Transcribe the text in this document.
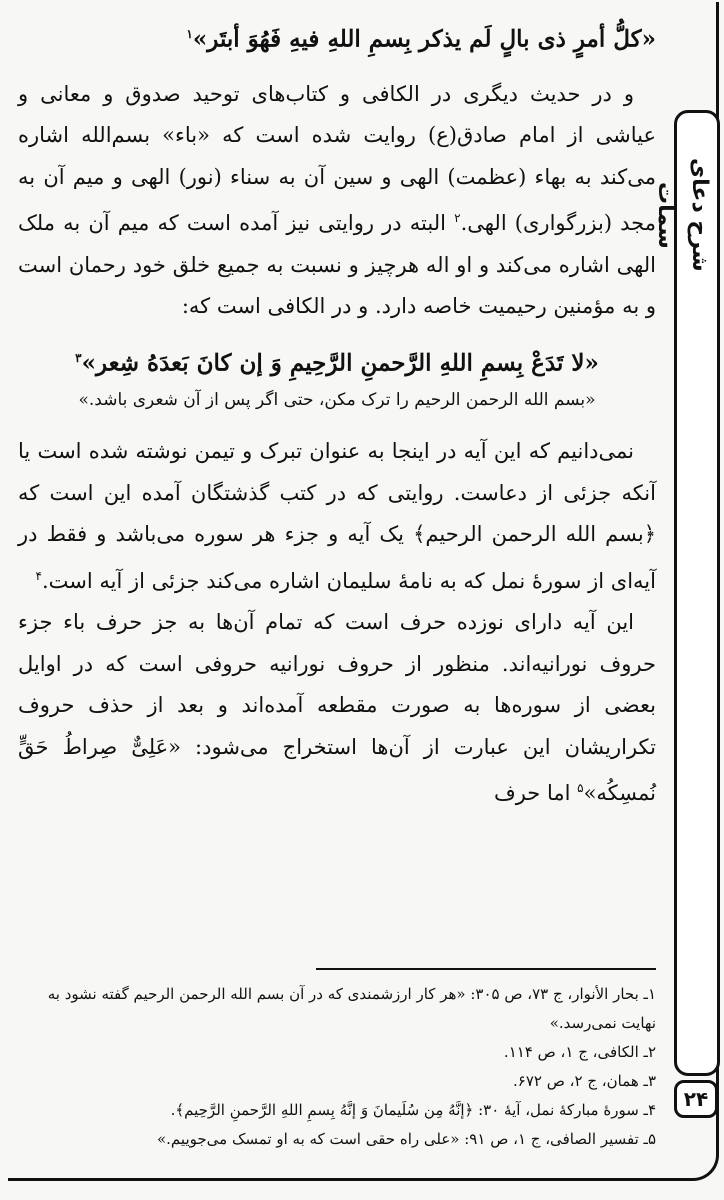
شرح دعای سمات
۲۴

«کلُّ أمرٍ ذی بالٍ لَم یذکر بِسمِ اللهِ فیهِ فَهُوَ أبتَر»$^۱$

و در حدیث دیگری در الکافی و کتاب‌های توحید صدوق و معانی و عیاشی از امام صادق(ع) روایت شده است که «باء» بسم‌الله اشاره می‌کند به بهاء (عظمت) الهی و سین آن به سناء (نور) الهی و میم آن به مجد (بزرگواری) الهی.$^۲$ البته در روایتی نیز آمده است که میم آن به ملک الهی اشاره می‌کند و او اله هرچیز و نسبت به جمیع خلق خود رحمان است و به مؤمنین رحیمیت خاصه دارد. و در الکافی است که:

«لا تَدَعْ بِسمِ اللهِ الرَّحمنِ الرَّحِیمِ وَ إن کانَ بَعدَهُ شِعر»$^۳$

«بسم الله الرحمن الرحیم را ترک مکن، حتی اگر پس از آن شعری باشد.»

نمی‌دانیم که این آیه در اینجا به عنوان تبرک و تیمن نوشته شده است یا آنکه جزئی از دعاست. روایتی که در کتب گذشتگان آمده این است که ﴿بسم الله الرحمن الرحیم﴾ یک آیه و جزء هر سوره می‌باشد و فقط در آیه‌ای از سورهٔ نمل که به نامهٔ سلیمان اشاره می‌کند جزئی از آیه است.$^۴$

این آیه دارای نوزده حرف است که تمام آن‌ها به جز حرف باء جزء حروف نورانیه‌اند. منظور از حروف نورانیه حروفی است که در اوایل بعضی از سوره‌ها به صورت مقطعه آمده‌اند و بعد از حذف حروف تکراریشان این عبارت از آن‌ها استخراج می‌شود: «عَلِیٌّ صِراطُ حَقٍّ نُمسِکُه»$^۵$ اما حرف

۱ـ بحار الأنوار، ج ۷۳، ص ۳۰۵: «هر کار ارزشمندی که در آن بسم الله الرحمن الرحیم گفته نشود به نهایت نمی‌رسد.»

۲ـ الکافی، ج ۱، ص ۱۱۴.

۳ـ همان، ج ۲، ص ۶۷۲.

۴ـ سورهٔ مبارکهٔ نمل، آیهٔ ۳۰: ﴿إنَّهُ مِن سُلَیمانَ وَ إنَّهُ بِسمِ اللهِ الرَّحمنِ الرَّحِیم﴾.

۵ـ تفسیر الصافی، ج ۱، ص ۹۱: «علی راه حقی است که به او تمسک می‌جوییم.»
